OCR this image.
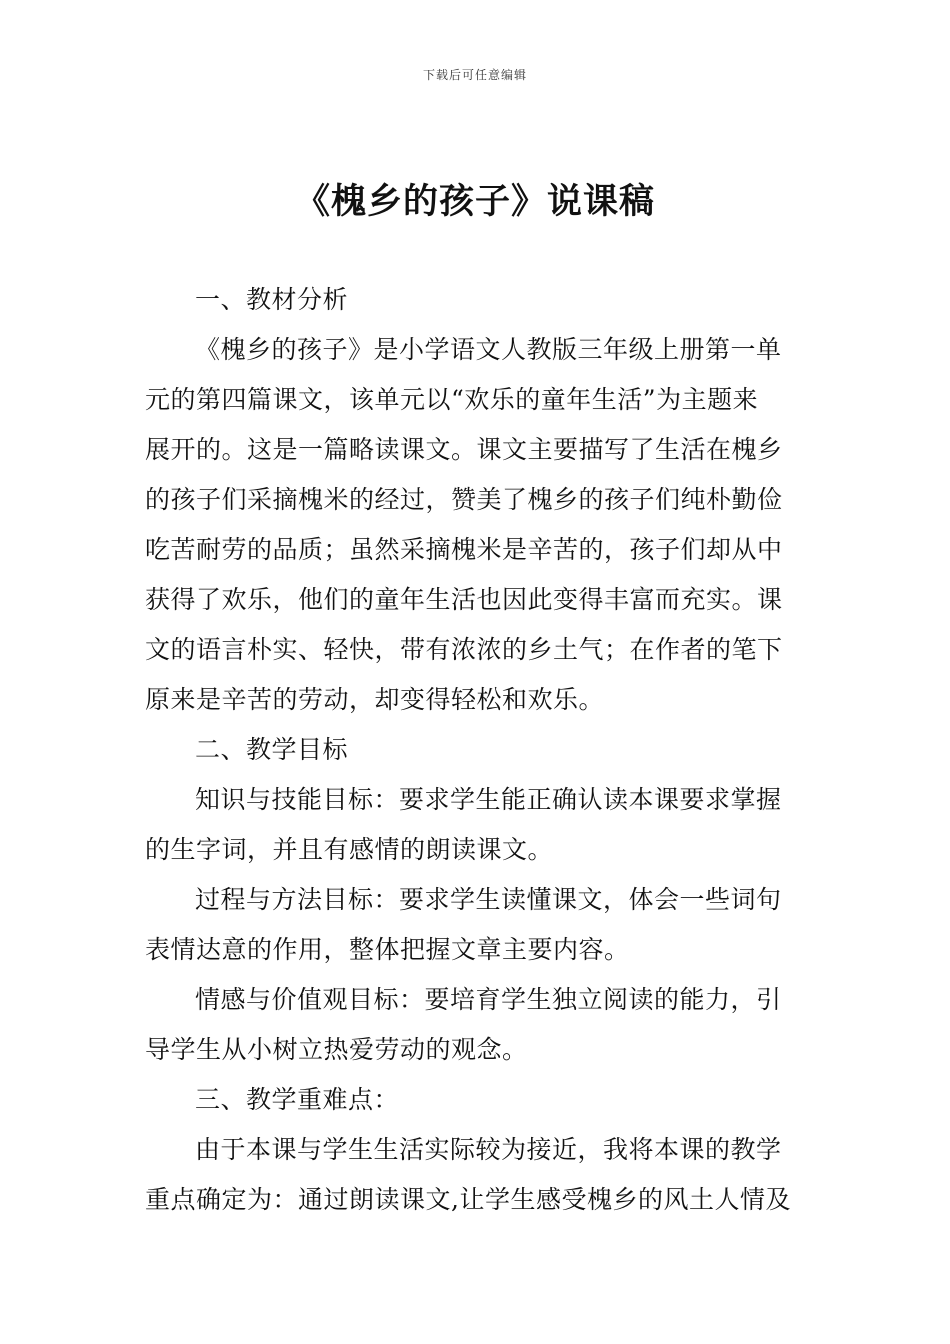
下载后可任意编辑
《槐乡的孩子》说课稿
一、教材分析
《槐乡的孩子》是小学语文人教版三年级上册第一单
元的第四篇课文，该单元以“欢乐的童年生活”为主题来
展开的。这是一篇略读课文。课文主要描写了生活在槐乡
的孩子们采摘槐米的经过，赞美了槐乡的孩子们纯朴勤俭
吃苦耐劳的品质；虽然采摘槐米是辛苦的，孩子们却从中
获得了欢乐，他们的童年生活也因此变得丰富而充实。课
文的语言朴实、轻快，带有浓浓的乡土气；在作者的笔下
原来是辛苦的劳动，却变得轻松和欢乐。
二、教学目标
知识与技能目标：要求学生能正确认读本课要求掌握
的生字词，并且有感情的朗读课文。
过程与方法目标：要求学生读懂课文，体会一些词句
表情达意的作用，整体把握文章主要内容。
情感与价值观目标：要培育学生独立阅读的能力，引
导学生从小树立热爱劳动的观念。
三、教学重难点：
由于本课与学生生活实际较为接近，我将本课的教学
重点确定为：通过朗读课文,让学生感受槐乡的风土人情及
